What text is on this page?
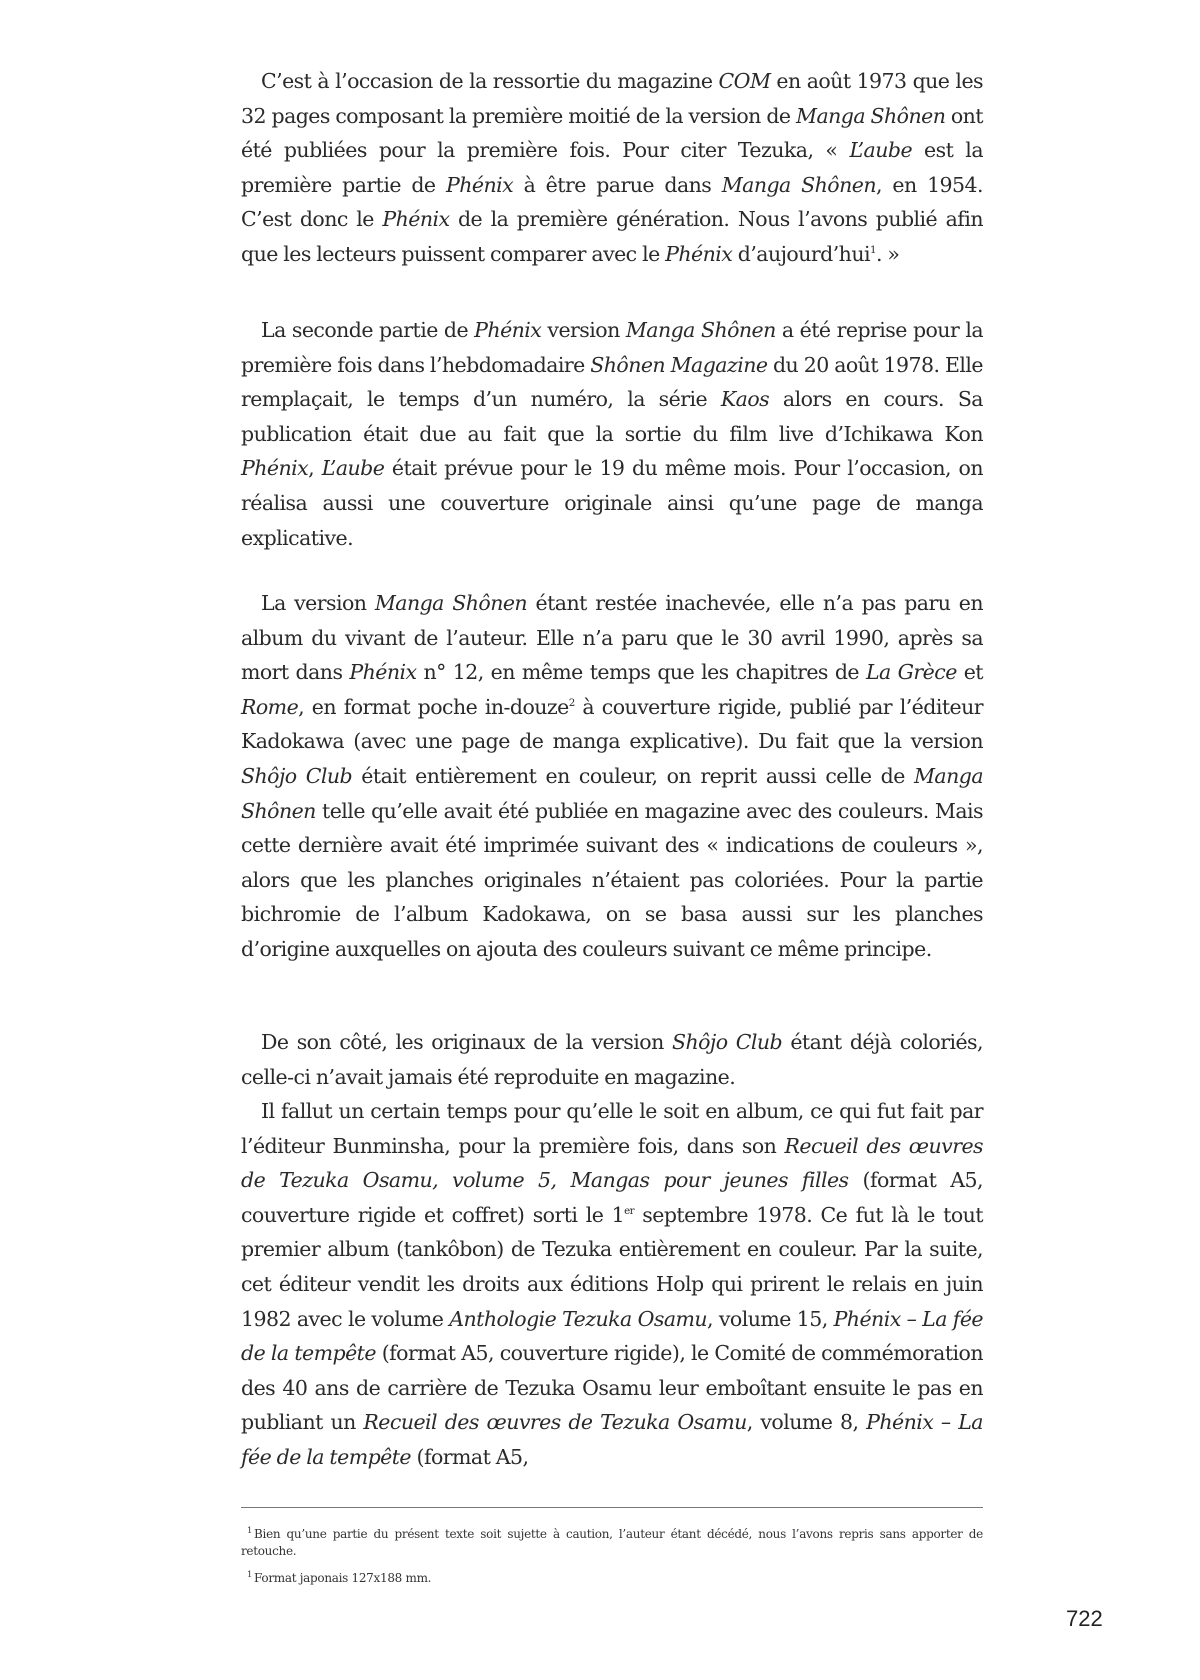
C’est à l’occasion de la ressortie du magazine COM en août 1973 que les 32 pages composant la première moitié de la version de Manga Shônen ont été publiées pour la première fois. Pour citer Tezuka, « L’aube est la première partie de Phénix à être parue dans Manga Shônen, en 1954. C’est donc le Phénix de la première génération. Nous l’avons publié afin que les lecteurs puissent comparer avec le Phénix d’aujourd’hui$^1$. »

La seconde partie de Phénix version Manga Shônen a été reprise pour la première fois dans l’hebdomadaire Shônen Magazine du 20 août 1978. Elle remplaçait, le temps d’un numéro, la série Kaos alors en cours. Sa publication était due au fait que la sortie du film live d’Ichikawa Kon Phénix, L’aube était prévue pour le 19 du même mois. Pour l’occasion, on réalisa aussi une couverture originale ainsi qu’une page de manga explicative.

La version Manga Shônen étant restée inachevée, elle n’a pas paru en album du vivant de l’auteur. Elle n’a paru que le 30 avril 1990, après sa mort dans Phénix n° 12, en même temps que les chapitres de La Grèce et Rome, en format poche in-douze$^2$ à couverture rigide, publié par l’éditeur Kadokawa (avec une page de manga explicative). Du fait que la version Shôjo Club était entièrement en couleur, on reprit aussi celle de Manga Shônen telle qu’elle avait été publiée en magazine avec des couleurs. Mais cette dernière avait été imprimée suivant des « indications de couleurs », alors que les planches originales n’étaient pas coloriées. Pour la partie bichromie de l’album Kadokawa, on se basa aussi sur les planches d’origine auxquelles on ajouta des couleurs suivant ce même principe.

De son côté, les originaux de la version Shôjo Club étant déjà coloriés, celle-ci n’avait jamais été reproduite en magazine.

Il fallut un certain temps pour qu’elle le soit en album, ce qui fut fait par l’éditeur Bunminsha, pour la première fois, dans son Recueil des œuvres de Tezuka Osamu, volume 5, Mangas pour jeunes filles (format A5, couverture rigide et coffret) sorti le 1er septembre 1978. Ce fut là le tout premier album (tankôbon) de Tezuka entièrement en couleur. Par la suite, cet éditeur vendit les droits aux éditions Holp qui prirent le relais en juin 1982 avec le volume Anthologie Tezuka Osamu, volume 15, Phénix – La fée de la tempête (format A5, couverture rigide), le Comité de commémoration des 40 ans de carrière de Tezuka Osamu leur emboîtant ensuite le pas en publiant un Recueil des œuvres de Tezuka Osamu, volume 8, Phénix – La fée de la tempête (format A5,

$^1$ Bien qu’une partie du présent texte soit sujette à caution, l’auteur étant décédé, nous l’avons repris sans apporter de retouche.
$^1$ Format japonais 127x188 mm.
722
